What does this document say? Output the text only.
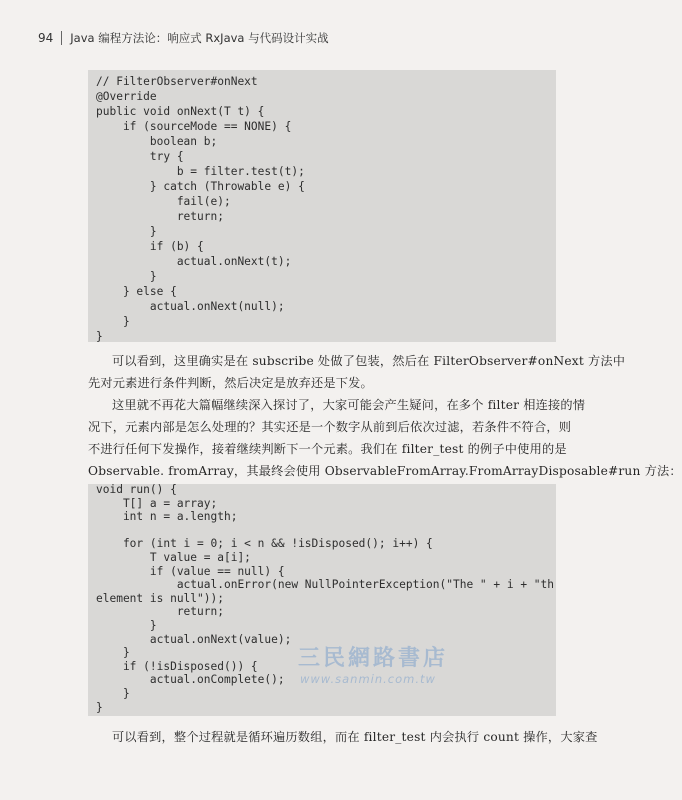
94 Java 编程方法论：响应式 RxJava 与代码设计实战
// FilterObserver#onNext
@Override
public void onNext(T t) {
if (sourceMode == NONE) {
boolean b;
try {
b = filter.test(t);
} catch (Throwable e) {
fail(e);
return;
}
if (b) {
actual.onNext(t);
}
} else {
actual.onNext(null);
}
}
可以看到，这里确实是在 subscribe 处做了包装，然后在 FilterObserver#onNext 方法中
先对元素进行条件判断，然后决定是放弃还是下发。
这里就不再花大篇幅继续深入探讨了，大家可能会产生疑问，在多个 filter 相连接的情
况下，元素内部是怎么处理的？其实还是一个数字从前到后依次过滤，若条件不符合，则
不进行任何下发操作，接着继续判断下一个元素。我们在 filter_test 的例子中使用的是
void run() {
T[] a = array;
int n = a.length;
for (int i = 0; i < n && !isDisposed(); i++) {
T value = a[i];
if (value == null) {
actual.onError(new NullPointerException("The " + i + "th
element is null"));
return;
}
actual.onNext(value);
}
if (!isDisposed()) {
actual.onComplete();
}
}
Observable. fromArray，其最终会使用 ObservableFromArray.FromArrayDisposable#run 方法：
可以看到，整个过程就是循环遍历数组，而在 filter_test 内会执行 count 操作，大家查
三民網路書店
www.sanmin.com.tw
